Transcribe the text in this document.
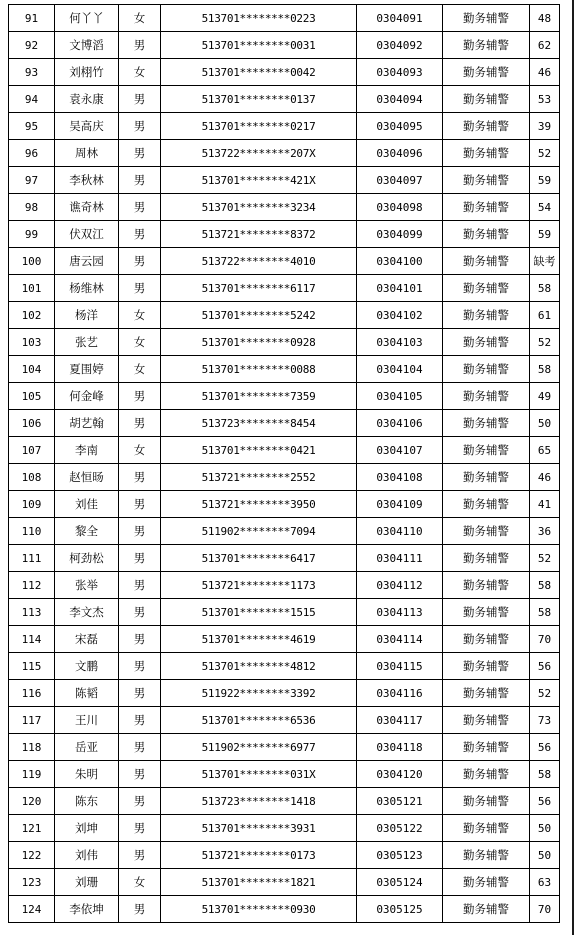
91	何丫丫	女	513701********0223	0304091	勤务辅警	48
92	文博滔	男	513701********0031	0304092	勤务辅警	62
93	刘栩竹	女	513701********0042	0304093	勤务辅警	46
94	袁永康	男	513701********0137	0304094	勤务辅警	53
95	吴高庆	男	513701********0217	0304095	勤务辅警	39
96	周林	男	513722********207X	0304096	勤务辅警	52
97	李秋林	男	513701********421X	0304097	勤务辅警	59
98	谯奇林	男	513701********3234	0304098	勤务辅警	54
99	伏双江	男	513721********8372	0304099	勤务辅警	59
100	唐云园	男	513722********4010	0304100	勤务辅警	缺考
101	杨维林	男	513701********6117	0304101	勤务辅警	58
102	杨洋	女	513701********5242	0304102	勤务辅警	61
103	张艺	女	513701********0928	0304103	勤务辅警	52
104	夏围婷	女	513701********0088	0304104	勤务辅警	58
105	何金峰	男	513701********7359	0304105	勤务辅警	49
106	胡艺翰	男	513723********8454	0304106	勤务辅警	50
107	李南	女	513701********0421	0304107	勤务辅警	65
108	赵恒旸	男	513721********2552	0304108	勤务辅警	46
109	刘佳	男	513721********3950	0304109	勤务辅警	41
110	黎全	男	511902********7094	0304110	勤务辅警	36
111	柯劲松	男	513701********6417	0304111	勤务辅警	52
112	张举	男	513721********1173	0304112	勤务辅警	58
113	李文杰	男	513701********1515	0304113	勤务辅警	58
114	宋磊	男	513701********4619	0304114	勤务辅警	70
115	文鹏	男	513701********4812	0304115	勤务辅警	56
116	陈韬	男	511922********3392	0304116	勤务辅警	52
117	王川	男	513701********6536	0304117	勤务辅警	73
118	岳亚	男	511902********6977	0304118	勤务辅警	56
119	朱明	男	513701********031X	0304120	勤务辅警	58
120	陈东	男	513723********1418	0305121	勤务辅警	56
121	刘坤	男	513701********3931	0305122	勤务辅警	50
122	刘伟	男	513721********0173	0305123	勤务辅警	50
123	刘珊	女	513701********1821	0305124	勤务辅警	63
124	李依坤	男	513701********0930	0305125	勤务辅警	70
